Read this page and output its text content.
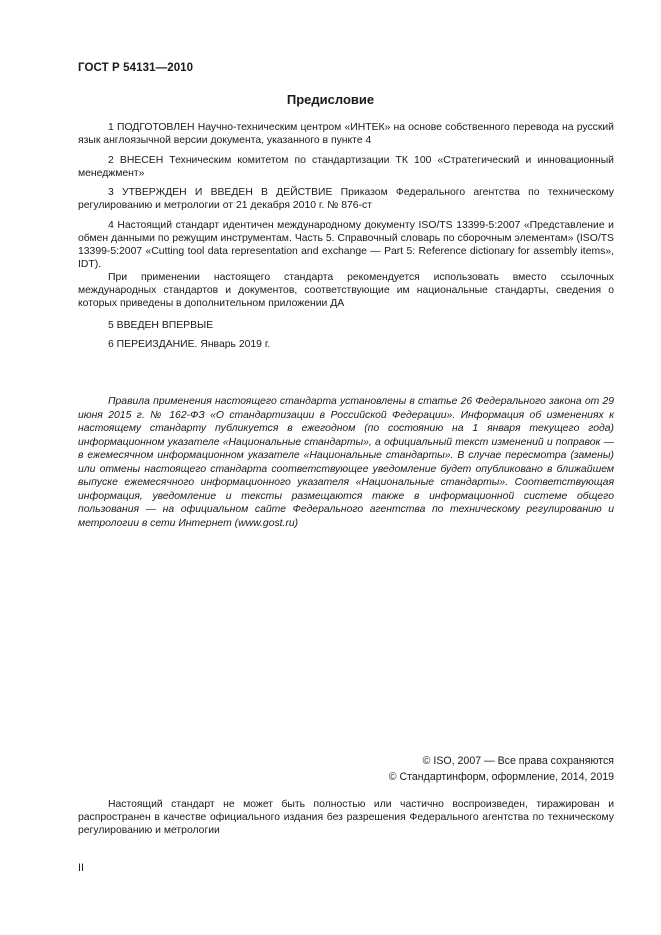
ГОСТ Р 54131—2010
Предисловие
1 ПОДГОТОВЛЕН Научно-техническим центром «ИНТЕК» на основе собственного перевода на русский язык англоязычной версии документа, указанного в пункте 4
2 ВНЕСЕН Техническим комитетом по стандартизации ТК 100 «Стратегический и инновационный менеджмент»
3 УТВЕРЖДЕН И ВВЕДЕН В ДЕЙСТВИЕ Приказом Федерального агентства по техническому регулированию и метрологии от 21 декабря 2010 г. № 876-ст
4 Настоящий стандарт идентичен международному документу ISO/TS 13399-5:2007 «Представление и обмен данными по режущим инструментам. Часть 5. Справочный словарь по сборочным элементам» (ISO/TS 13399-5:2007 «Cutting tool data representation and exchange — Part 5: Reference dictionary for assembly items», IDT).
При применении настоящего стандарта рекомендуется использовать вместо ссылочных международных стандартов и документов, соответствующие им национальные стандарты, сведения о которых приведены в дополнительном приложении ДА
5 ВВЕДЕН ВПЕРВЫЕ
6 ПЕРЕИЗДАНИЕ. Январь 2019 г.
Правила применения настоящего стандарта установлены в статье 26 Федерального закона от 29 июня 2015 г. № 162-ФЗ «О стандартизации в Российской Федерации». Информация об изменениях к настоящему стандарту публикуется в ежегодном (по состоянию на 1 января текущего года) информационном указателе «Национальные стандарты», а официальный текст изменений и поправок — в ежемесячном информационном указателе «Национальные стандарты». В случае пересмотра (замены) или отмены настоящего стандарта соответствующее уведомление будет опубликовано в ближайшем выпуске ежемесячного информационного указателя «Национальные стандарты». Соответствующая информация, уведомление и тексты размещаются также в информационной системе общего пользования — на официальном сайте Федерального агентства по техническому регулированию и метрологии в сети Интернет (www.gost.ru)
© ISO, 2007 — Все права сохраняются
© Стандартинформ, оформление, 2014, 2019
Настоящий стандарт не может быть полностью или частично воспроизведен, тиражирован и распространен в качестве официального издания без разрешения Федерального агентства по техническому регулированию и метрологии
II
